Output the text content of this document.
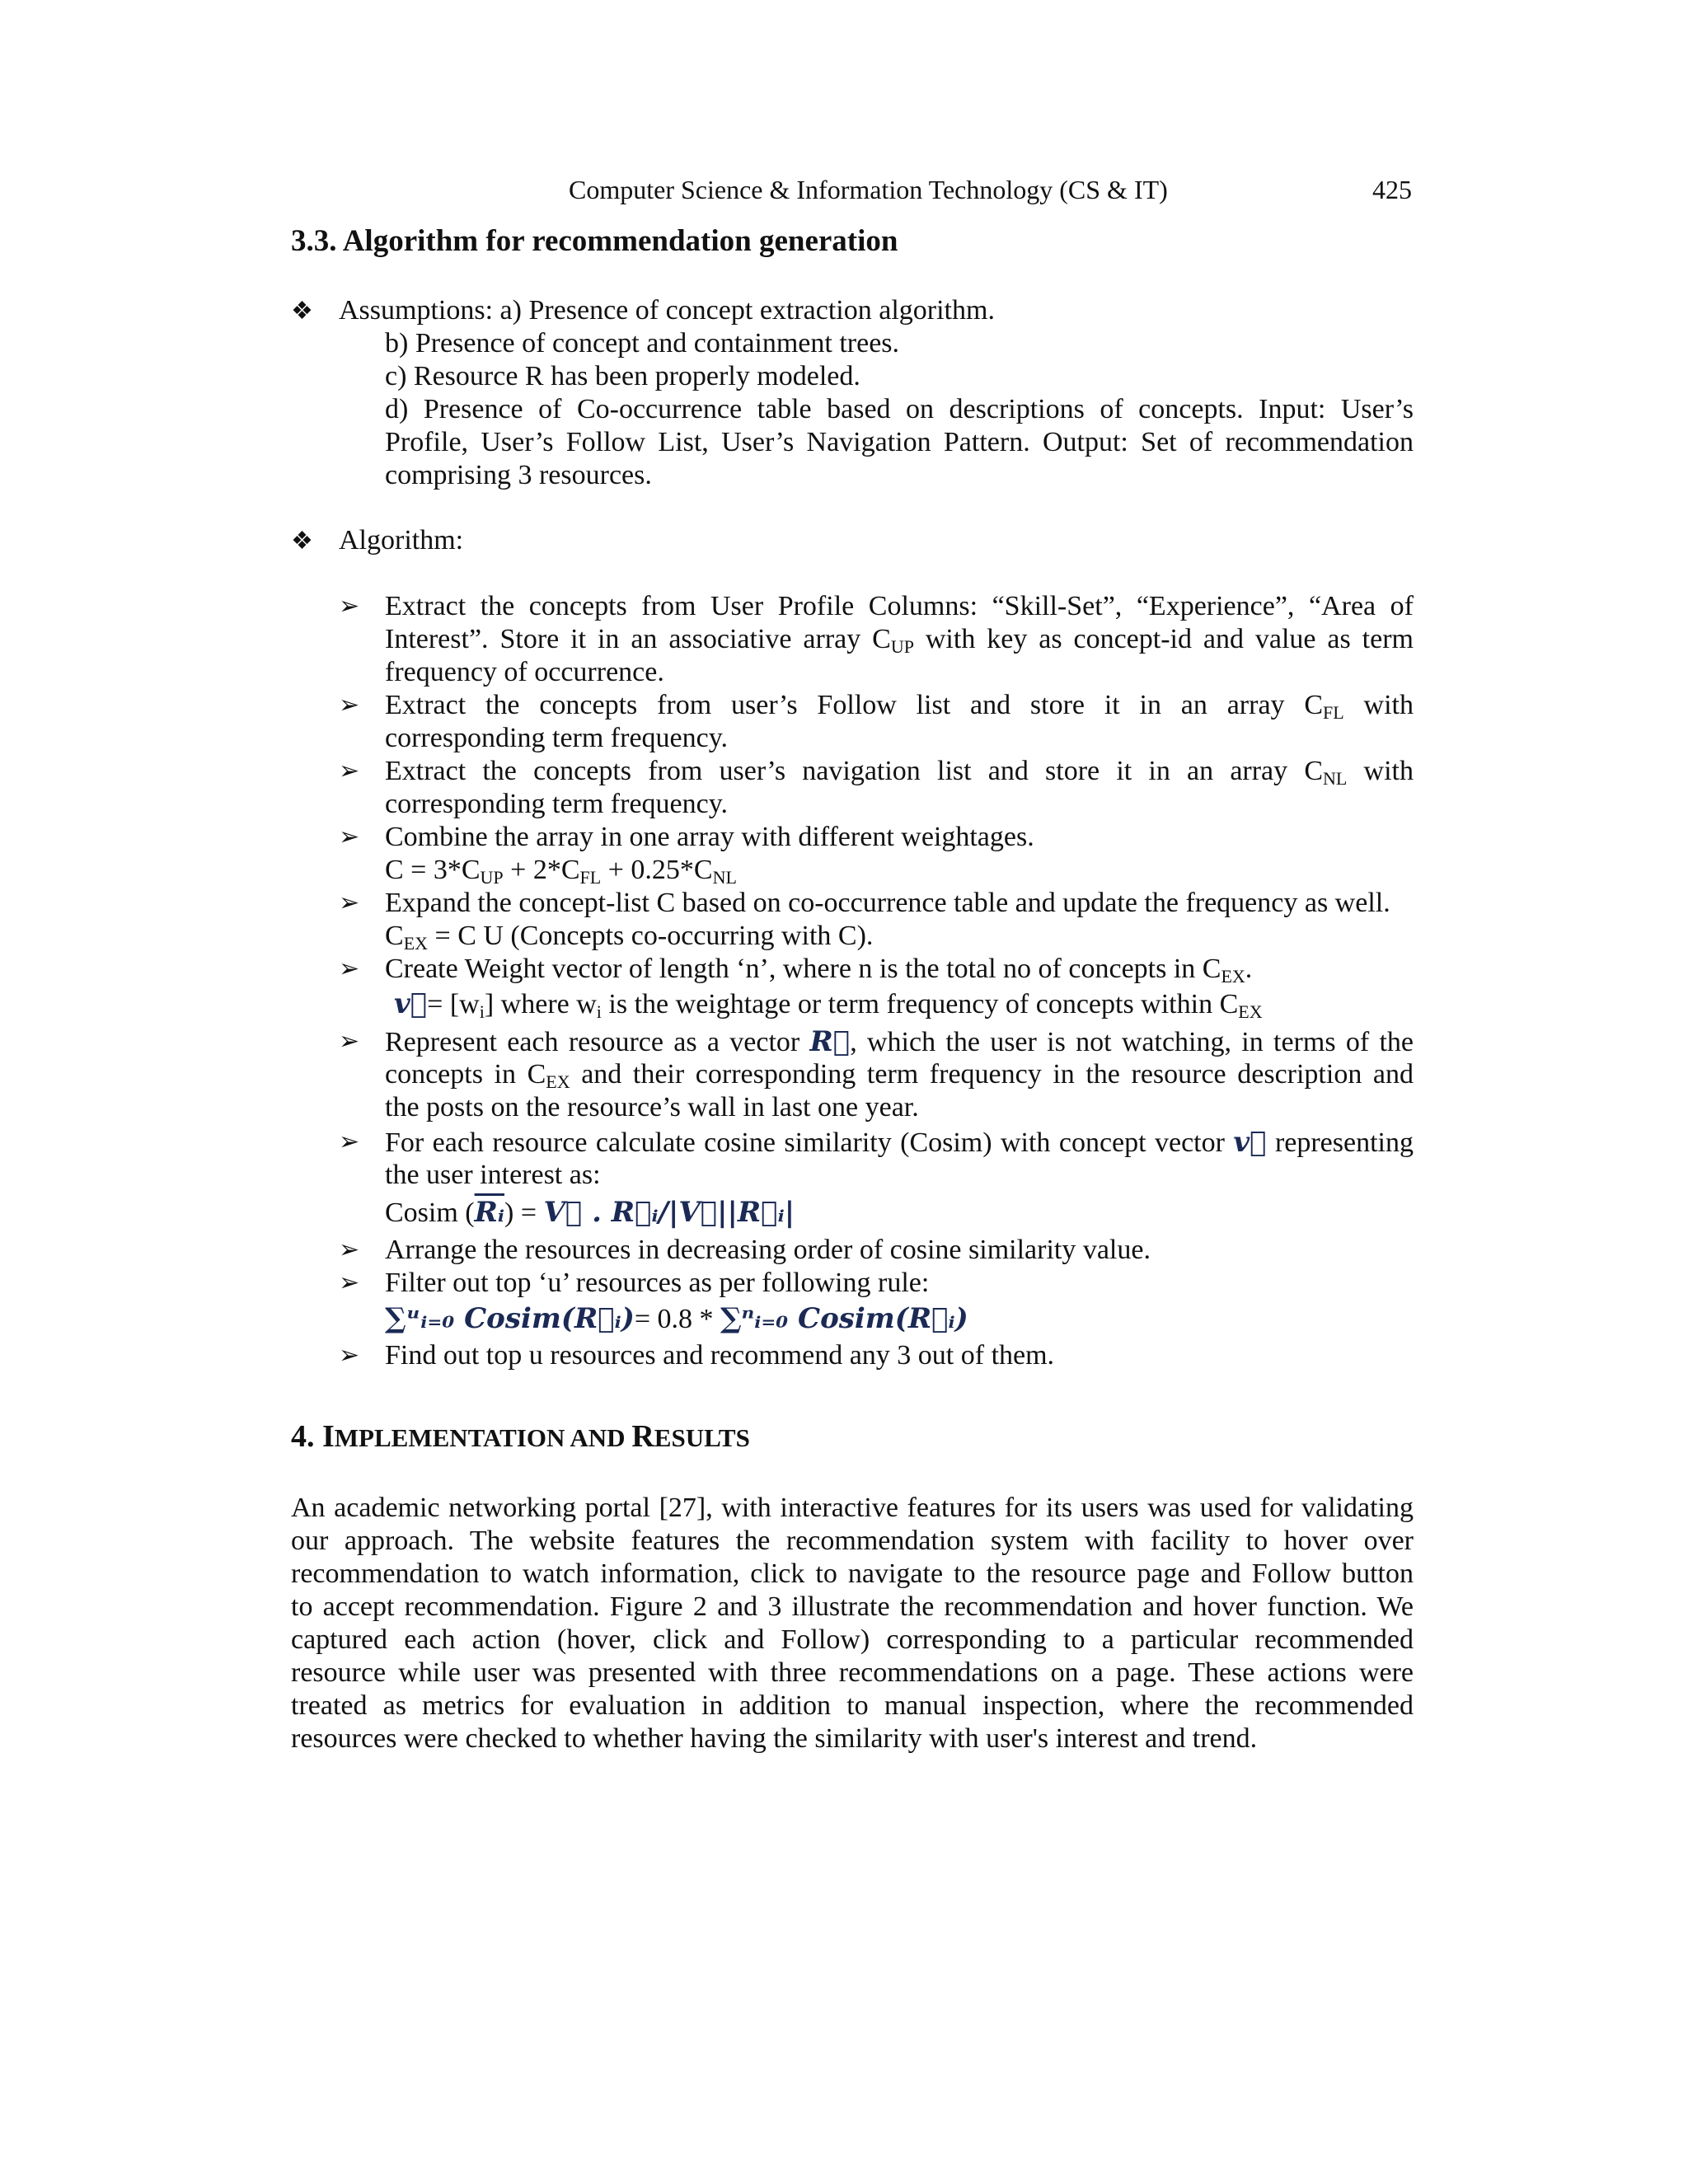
Computer Science & Information Technology (CS & IT)	425
3.3. Algorithm for recommendation generation
❖ Assumptions: a) Presence of concept extraction algorithm.
b) Presence of concept and containment trees.
c) Resource R has been properly modeled.
d) Presence of Co-occurrence table based on descriptions of concepts. Input: User’s
Profile, User’s Follow List, User’s Navigation Pattern. Output: Set of recommendation
comprising 3 resources.
❖ Algorithm:
➢ Extract the concepts from User Profile Columns: “Skill-Set”, “Experience”, “Area of
Interest”. Store it in an associative array $C_{UP}$ with key as concept-id and value as term
frequency of occurrence.
➢ Extract the concepts from user’s Follow list and store it in an array $C_{FL}$ with
corresponding term frequency.
➢ Extract the concepts from user’s navigation list and store it in an array $C_{NL}$ with
corresponding term frequency.
➢ Combine the array in one array with different weightages.
$C = 3*C_{UP} + 2*C_{FL} + 0.25*C_{NL}$
➢ Expand the concept-list C based on co-occurrence table and update the frequency as well.
$C_{EX} = C$ U (Concepts co-occurring with C).
➢ Create Weight vector of length ‘n’, where n is the total no of concepts in $C_{EX}$.
v⃗= $[w_i]$ where $w_i$ is the weightage or term frequency of concepts within $C_{EX}$
➢ Represent each resource as a vector R⃗, which the user is not watching, in terms of the
concepts in $C_{EX}$ and their corresponding term frequency in the resource description and
the posts on the resource’s wall in last one year.
➢ For each resource calculate cosine similarity (Cosim) with concept vector v⃗ representing
the user interest as:
Cosim $(\overline{Rᵢ})$ = V⃗ . R⃗ᵢ/|V⃗||R⃗ᵢ|
➢ Arrange the resources in decreasing order of cosine similarity value.
➢ Filter out top ‘u’ resources as per following rule:
∑ᵘᵢ₌₀ Cosim(R⃗ᵢ)= 0.8 * ∑ⁿᵢ₌₀ Cosim(R⃗ᵢ)
➢ Find out top u resources and recommend any 3 out of them.
4. IMPLEMENTATION AND RESULTS
An academic networking portal [27], with interactive features for its users was used for validating
our approach. The website features the recommendation system with facility to hover over
recommendation to watch information, click to navigate to the resource page and Follow button
to accept recommendation. Figure 2 and 3 illustrate the recommendation and hover function. We
captured each action (hover, click and Follow) corresponding to a particular recommended
resource while user was presented with three recommendations on a page. These actions were
treated as metrics for evaluation in addition to manual inspection, where the recommended
resources were checked to whether having the similarity with user's interest and trend.
